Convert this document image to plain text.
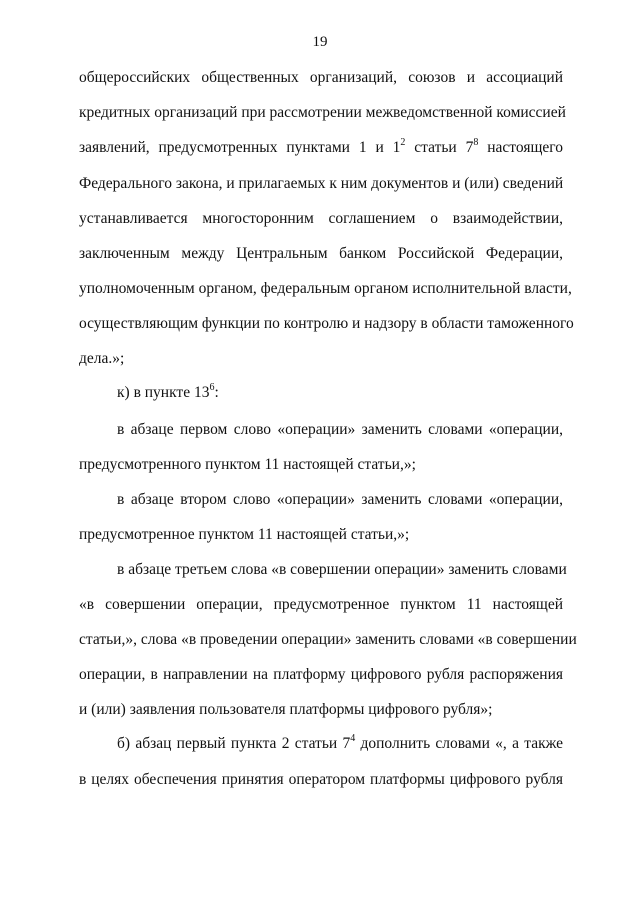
19
общероссийских общественных организаций, союзов и ассоциаций
кредитных организаций при рассмотрении межведомственной комиссией
заявлений, предусмотренных пунктами 1 и $1^2$ статьи $7^8$ настоящего
Федерального закона, и прилагаемых к ним документов и (или) сведений
устанавливается многосторонним соглашением о взаимодействии,
заключенным между Центральным банком Российской Федерации,
уполномоченным органом, федеральным органом исполнительной власти,
осуществляющим функции по контролю и надзору в области таможенного
дела.»;
к) в пункте $13^6$:
в абзаце первом слово «операции» заменить словами «операции,
предусмотренного пунктом 11 настоящей статьи,»;
в абзаце втором слово «операции» заменить словами «операции,
предусмотренное пунктом 11 настоящей статьи,»;
в абзаце третьем слова «в совершении операции» заменить словами
«в совершении операции, предусмотренное пунктом 11 настоящей
статьи,», слова «в проведении операции» заменить словами «в совершении
операции, в направлении на платформу цифрового рубля распоряжения
и (или) заявления пользователя платформы цифрового рубля»;
б) абзац первый пункта 2 статьи $7^4$ дополнить словами «, а также
в целях обеспечения принятия оператором платформы цифрового рубля
